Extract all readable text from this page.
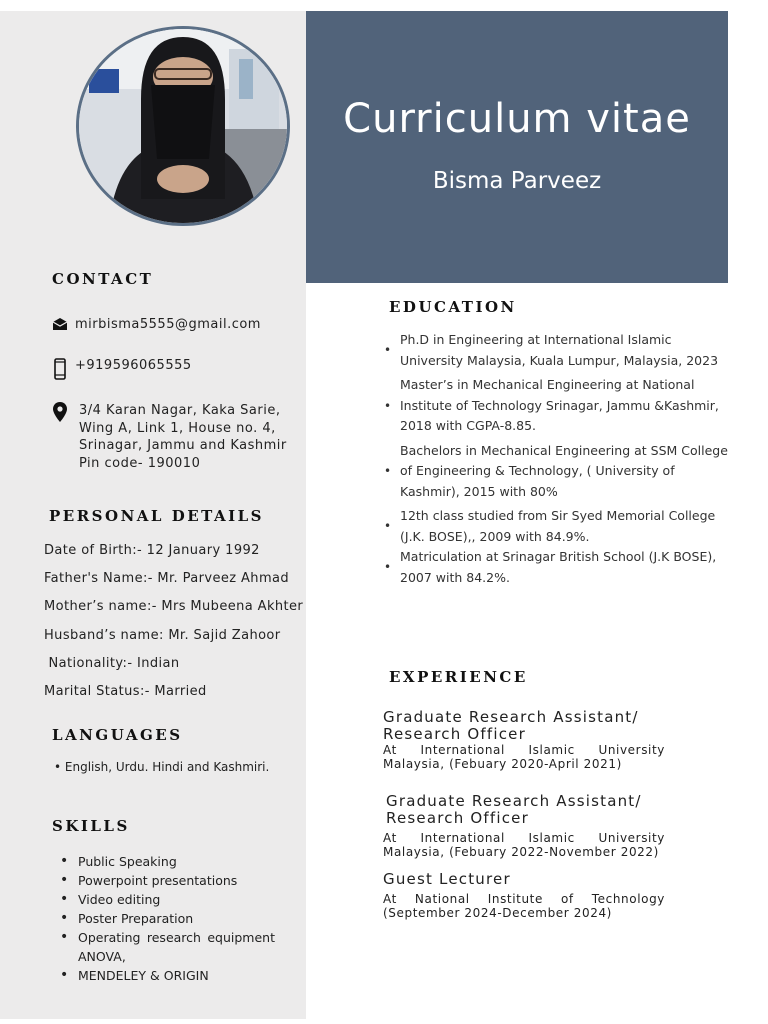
Curriculum vitae
Bisma Parveez
CONTACT
mirbisma5555@gmail.com
+919596065555
3/4 Karan Nagar, Kaka Sarie,
Wing A, Link 1, House no. 4,
Srinagar, Jammu and Kashmir
Pin code- 190010
PERSONAL DETAILS
Date of Birth:- 12 January 1992
Father's Name:- Mr. Parveez Ahmad
Mother’s name:- Mrs Mubeena Akhter
Husband’s name: Mr. Sajid Zahoor
Nationality:- Indian
Marital Status:- Married
LANGUAGES
• English, Urdu. Hindi and Kashmiri.
SKILLS
• Public Speaking
• Powerpoint presentations
• Video editing
• Poster Preparation
• Operating research equipment ANOVA,
• MENDELEY & ORIGIN
EDUCATION
•
Ph.D in Engineering at International Islamic University Malaysia, Kuala Lumpur, Malaysia, 2023
•
Master’s in Mechanical Engineering at National Institute of Technology Srinagar, Jammu &Kashmir, 2018 with CGPA-8.85.
•
Bachelors in Mechanical Engineering at SSM College of Engineering & Technology, ( University of Kashmir), 2015 with 80%
•
12th class studied from Sir Syed Memorial College (J.K. BOSE),, 2009 with 84.9%.
•
Matriculation at Srinagar British School (J.K BOSE), 2007 with 84.2%.
EXPERIENCE
Graduate Research Assistant/ Research Officer
At International Islamic University Malaysia, (Febuary 2020-April 2021)
Graduate Research Assistant/ Research Officer
At International Islamic University Malaysia, (Febuary 2022-November 2022)
Guest Lecturer
At National Institute of Technology (September 2024-December 2024)
